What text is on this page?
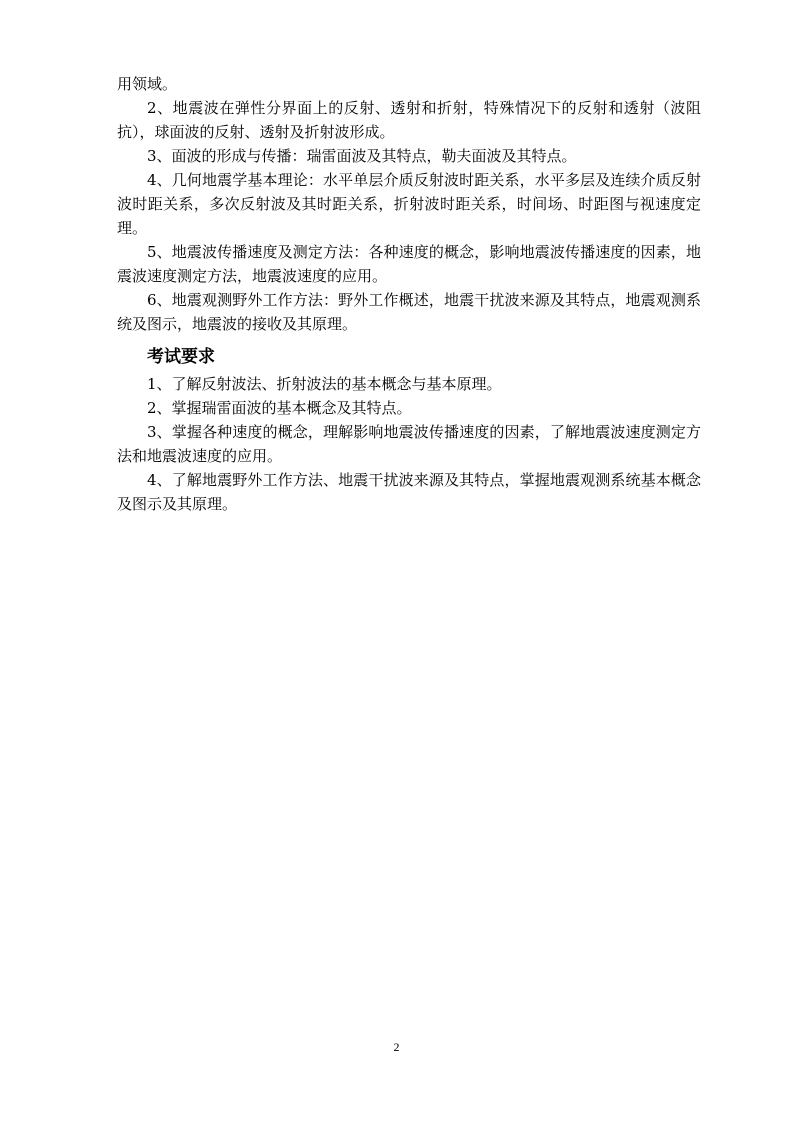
用领域。

2、地震波在弹性分界面上的反射、透射和折射，特殊情况下的反射和透射（波阻抗），球面波的反射、透射及折射波形成。

3、面波的形成与传播：瑞雷面波及其特点，勒夫面波及其特点。

4、几何地震学基本理论：水平单层介质反射波时距关系，水平多层及连续介质反射波时距关系，多次反射波及其时距关系，折射波时距关系，时间场、时距图与视速度定理。

5、地震波传播速度及测定方法：各种速度的概念，影响地震波传播速度的因素，地震波速度测定方法，地震波速度的应用。

6、地震观测野外工作方法：野外工作概述，地震干扰波来源及其特点，地震观测系统及图示，地震波的接收及其原理。

考试要求

1、了解反射波法、折射波法的基本概念与基本原理。

2、掌握瑞雷面波的基本概念及其特点。

3、掌握各种速度的概念，理解影响地震波传播速度的因素，了解地震波速度测定方法和地震波速度的应用。

4、了解地震野外工作方法、地震干扰波来源及其特点，掌握地震观测系统基本概念及图示及其原理。

2
